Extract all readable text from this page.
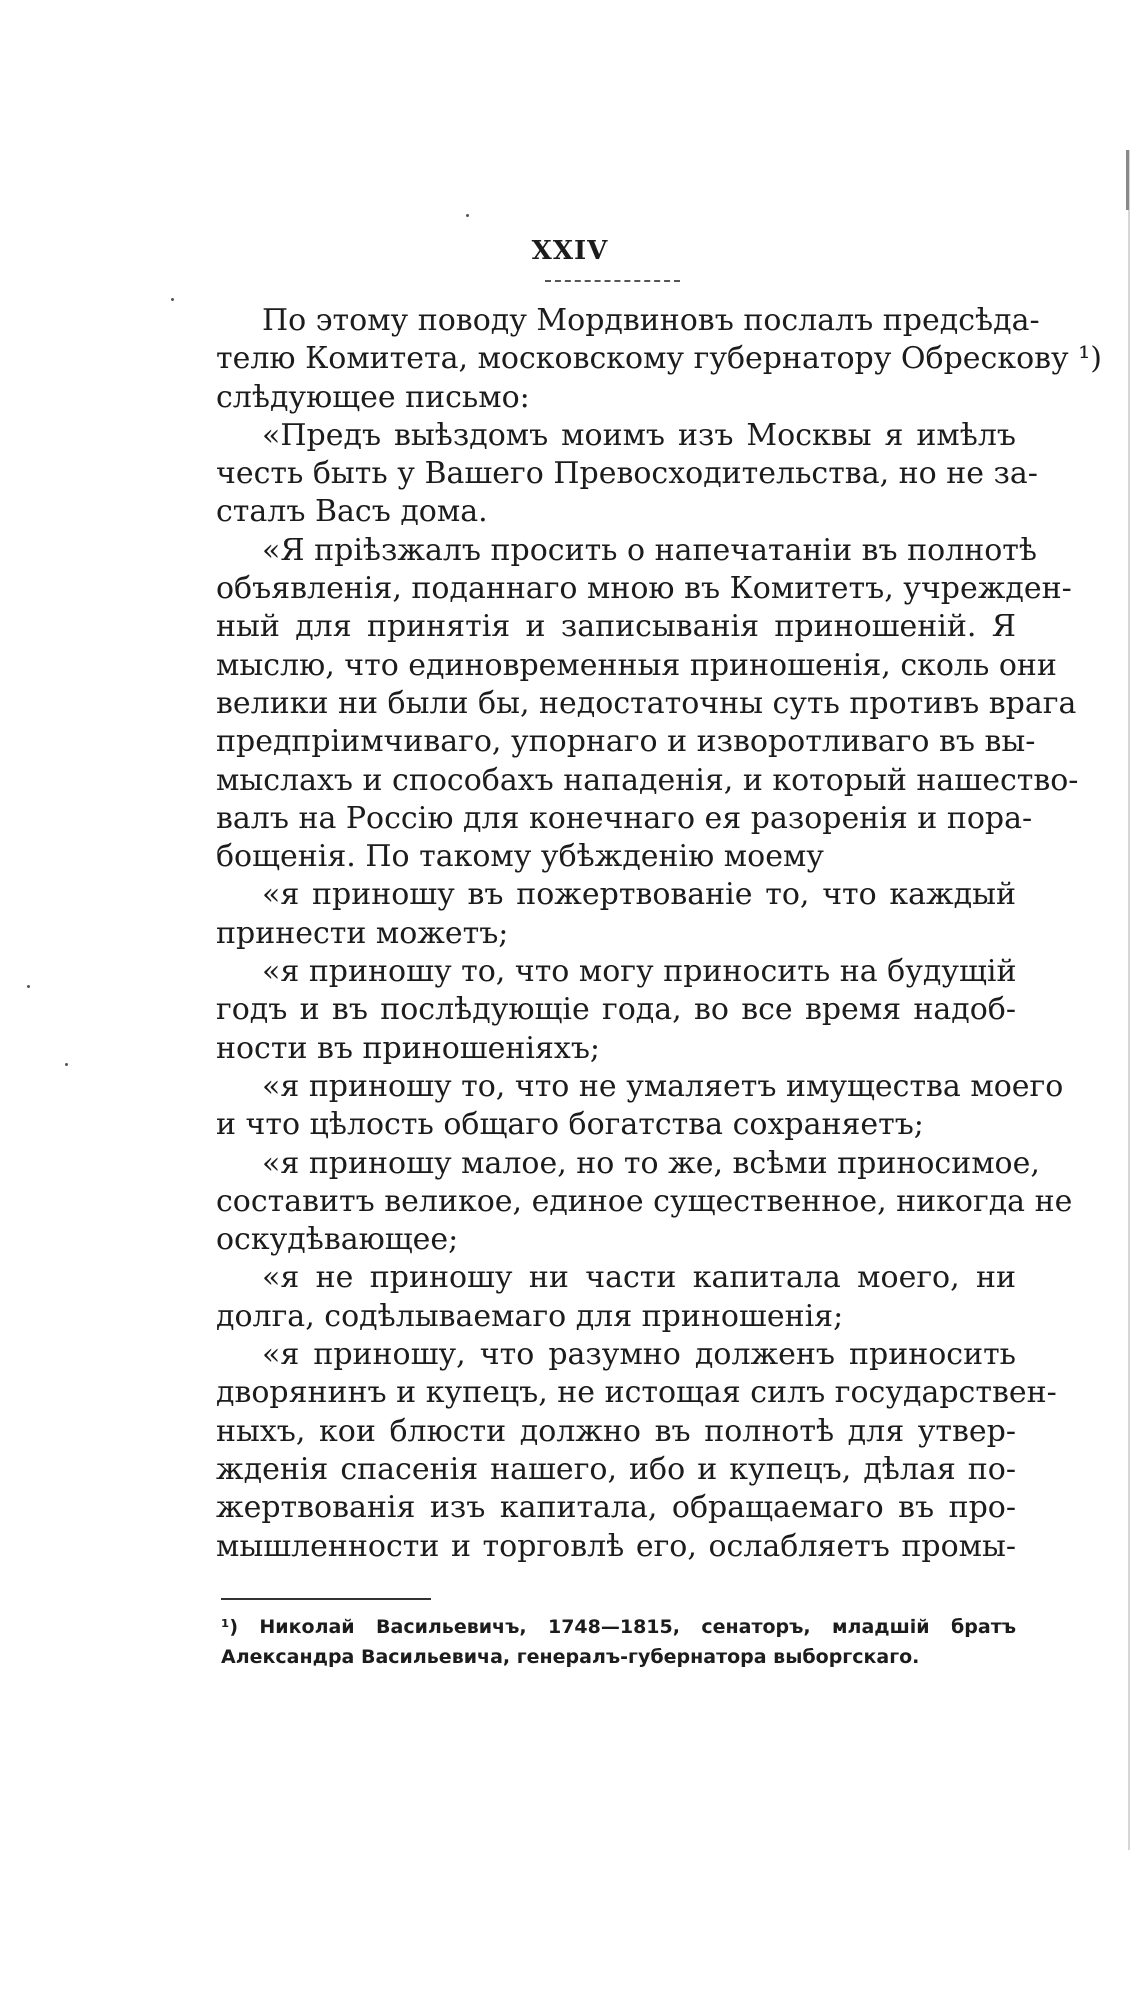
XXIV
По этому поводу Мордвиновъ послалъ предсѣда-
телю Комитета, московскому губернатору Обрескову ¹)
слѣдующее письмо:
«Предъ выѣздомъ моимъ изъ Москвы я имѣлъ
честь быть у Вашего Превосходительства, но не за-
сталъ Васъ дома.
«Я пріѣзжалъ просить о напечатаніи въ полнотѣ
объявленія, поданнаго мною въ Комитетъ, учрежден-
ный для принятія и записыванія приношеній. Я
мыслю, что единовременныя приношенія, сколь они
велики ни были бы, недостаточны суть противъ врага
предпріимчиваго, упорнаго и изворотливаго въ вы-
мыслахъ и способахъ нападенія, и который нашество-
валъ на Россію для конечнаго ея разоренія и пора-
бощенія. По такому убѣжденію моему
«я приношу въ пожертвованіе то, что каждый
принести можетъ;
«я приношу то, что могу приносить на будущій
годъ и въ послѣдующіе года, во все время надоб-
ности въ приношеніяхъ;
«я приношу то, что не умаляетъ имущества моего
и что цѣлость общаго богатства сохраняетъ;
«я приношу малое, но то же, всѣми приносимое,
составитъ великое, единое существенное, никогда не
оскудѣвающее;
«я не приношу ни части капитала моего, ни
долга, содѣлываемаго для приношенія;
«я приношу, что разумно долженъ приносить
дворянинъ и купецъ, не истощая силъ государствен-
ныхъ, кои блюсти должно въ полнотѣ для утвер-
жденія спасенія нашего, ибо и купецъ, дѣлая по-
жертвованія изъ капитала, обращаемаго въ про-
мышленности и торговлѣ его, ослабляетъ промы-
¹) Николай Васильевичъ, 1748—1815, сенаторъ, младшій братъ
Александра Васильевича, генералъ-губернатора выборгскаго.
